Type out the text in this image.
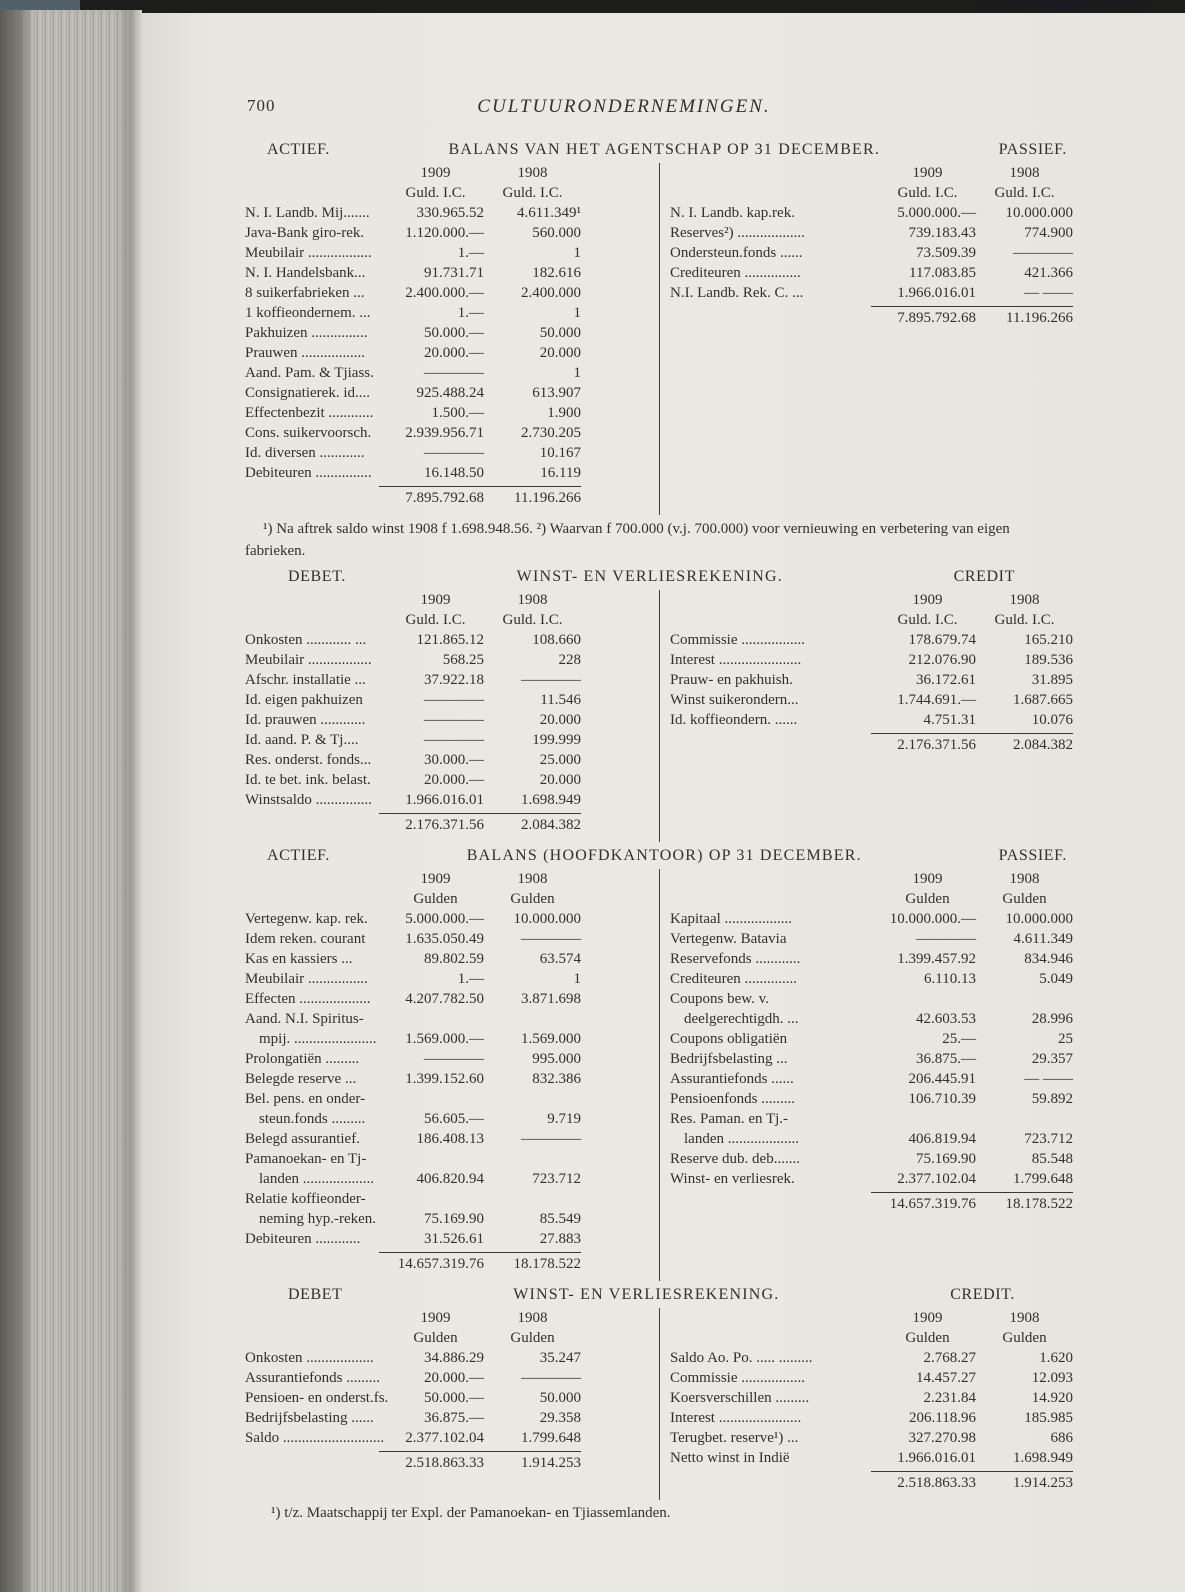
700	CULTUURONDERNEMINGEN.
ACTIEF.	BALANS VAN HET AGENTSCHAP OP 31 DECEMBER.	PASSIEF.
1909	1908
Guld. I.C.	Guld. I.C.
N. I. Landb. Mij.......	330.965.52	4.611.349¹
Java-Bank giro-rek.	1.120.000.—	560.000
Meubilair .................	1.—	1
N. I. Handelsbank...	91.731.71	182.616
8 suikerfabrieken ...	2.400.000.—	2.400.000
1 koffieondernem. ...	1.—	1
Pakhuizen ...............	50.000.—	50.000
Prauwen .................	20.000.—	20.000
Aand. Pam. & Tjiass.	————	1
Consignatierek. id....	925.488.24	613.907
Effectenbezit ............	1.500.—	1.900
Cons. suikervoorsch.	2.939.956.71	2.730.205
Id. diversen ............	————	10.167
Debiteuren ...............	16.148.50	16.119
7.895.792.68	11.196.266
1909	1908
Guld. I.C.	Guld. I.C.
N. I. Landb. kap.rek.	5.000.000.—	10.000.000
Reserves²) ..................	739.183.43	774.900
Ondersteun.fonds ......	73.509.39	————
Crediteuren ...............	117.083.85	421.366
N.I. Landb. Rek. C. ...	1.966.016.01	— ——
7.895.792.68	11.196.266
¹) Na aftrek saldo winst 1908 f 1.698.948.56. ²) Waarvan f 700.000 (v.j. 700.000) voor vernieuwing en verbetering van eigen fabrieken.
DEBET.	WINST- EN VERLIESREKENING.	CREDIT
1909	1908
Guld. I.C.	Guld. I.C.
Onkosten ............ ...	121.865.12	108.660
Meubilair .................	568.25	228
Afschr. installatie ...	37.922.18	————
Id. eigen pakhuizen	————	11.546
Id. prauwen ............	————	20.000
Id. aand. P. & Tj....	————	199.999
Res. onderst. fonds...	30.000.—	25.000
Id. te bet. ink. belast.	20.000.—	20.000
Winstsaldo ...............	1.966.016.01	1.698.949
2.176.371.56	2.084.382
1909	1908
Guld. I.C.	Guld. I.C.
Commissie .................	178.679.74	165.210
Interest ......................	212.076.90	189.536
Prauw- en pakhuish.	36.172.61	31.895
Winst suikerondern...	1.744.691.—	1.687.665
Id. koffieondern. ......	4.751.31	10.076
2.176.371.56	2.084.382
ACTIEF.	BALANS (HOOFDKANTOOR) OP 31 DECEMBER.	PASSIEF.
1909	1908
Gulden	Gulden
Vertegenw. kap. rek.	5.000.000.—	10.000.000
Idem reken. courant	1.635.050.49	————
Kas en kassiers ...	89.802.59	63.574
Meubilair ................	1.—	1
Effecten ...................	4.207.782.50	3.871.698
Aand. N.I. Spiritus-
mpij. ......................	1.569.000.—	1.569.000
Prolongatiën .........	————	995.000
Belegde reserve ...	1.399.152.60	832.386
Bel. pens. en onder-
steun.fonds .........	56.605.—	9.719
Belegd assurantief.	186.408.13	————
Pamanoekan- en Tj-
landen ...................	406.820.94	723.712
Relatie koffieonder-
neming hyp.-reken.	75.169.90	85.549
Debiteuren ............	31.526.61	27.883
14.657.319.76	18.178.522
1909	1908
Gulden	Gulden
Kapitaal ..................	10.000.000.—	10.000.000
Vertegenw. Batavia	————	4.611.349
Reservefonds ............	1.399.457.92	834.946
Crediteuren ..............	6.110.13	5.049
Coupons bew. v.
deelgerechtigdh. ...	42.603.53	28.996
Coupons obligatiën	25.—	25
Bedrijfsbelasting ...	36.875.—	29.357
Assurantiefonds ......	206.445.91	— ——
Pensioenfonds .........	106.710.39	59.892
Res. Paman. en Tj.-
landen ...................	406.819.94	723.712
Reserve dub. deb.......	75.169.90	85.548
Winst- en verliesrek.	2.377.102.04	1.799.648
14.657.319.76	18.178.522
DEBET	WINST- EN VERLIESREKENING.	CREDIT.
1909	1908
Gulden	Gulden
Onkosten ..................	34.886.29	35.247
Assurantiefonds .........	20.000.—	————
Pensioen- en onderst.fs.	50.000.—	50.000
Bedrijfsbelasting ......	36.875.—	29.358
Saldo ...........................	2.377.102.04	1.799.648
2.518.863.33	1.914.253
1909	1908
Gulden	Gulden
Saldo Ao. Po. ..... .........	2.768.27	1.620
Commissie .................	14.457.27	12.093
Koersverschillen .........	2.231.84	14.920
Interest ......................	206.118.96	185.985
Terugbet. reserve¹) ...	327.270.98	686
Netto winst in Indië	1.966.016.01	1.698.949
2.518.863.33	1.914.253
¹) t/z. Maatschappij ter Expl. der Pamanoekan- en Tjiassemlanden.
